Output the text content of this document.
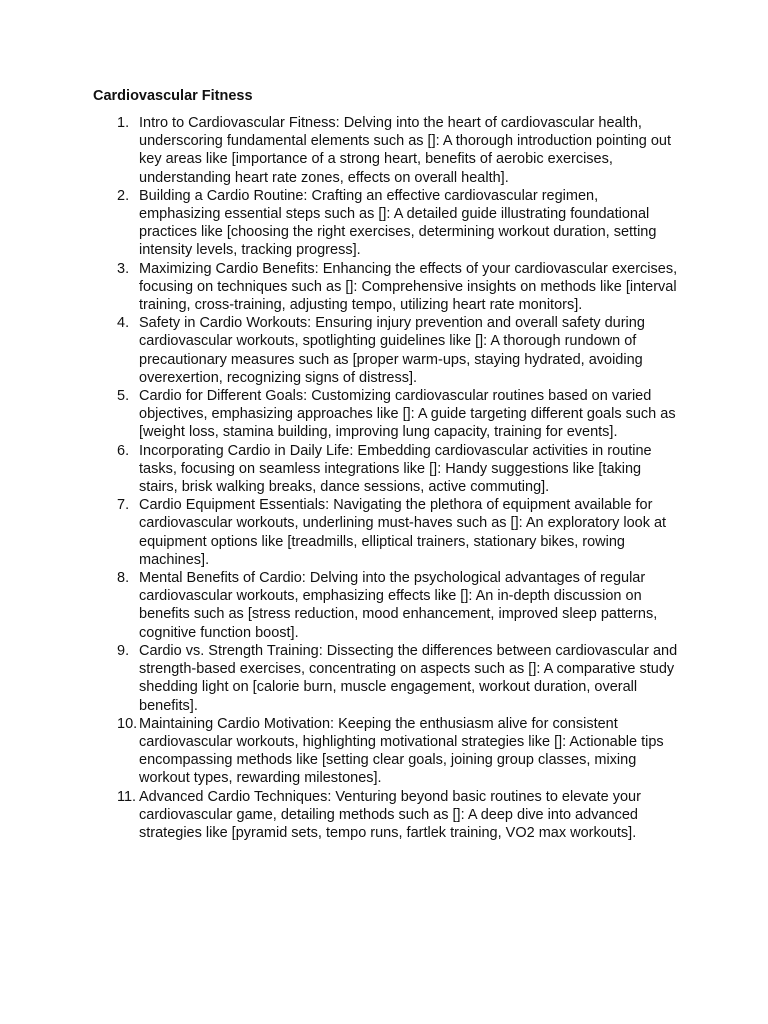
Cardiovascular Fitness
1. Intro to Cardiovascular Fitness: Delving into the heart of cardiovascular health, underscoring fundamental elements such as []: A thorough introduction pointing out key areas like [importance of a strong heart, benefits of aerobic exercises, understanding heart rate zones, effects on overall health].
2. Building a Cardio Routine: Crafting an effective cardiovascular regimen, emphasizing essential steps such as []: A detailed guide illustrating foundational practices like [choosing the right exercises, determining workout duration, setting intensity levels, tracking progress].
3. Maximizing Cardio Benefits: Enhancing the effects of your cardiovascular exercises, focusing on techniques such as []: Comprehensive insights on methods like [interval training, cross-training, adjusting tempo, utilizing heart rate monitors].
4. Safety in Cardio Workouts: Ensuring injury prevention and overall safety during cardiovascular workouts, spotlighting guidelines like []: A thorough rundown of precautionary measures such as [proper warm-ups, staying hydrated, avoiding overexertion, recognizing signs of distress].
5. Cardio for Different Goals: Customizing cardiovascular routines based on varied objectives, emphasizing approaches like []: A guide targeting different goals such as [weight loss, stamina building, improving lung capacity, training for events].
6. Incorporating Cardio in Daily Life: Embedding cardiovascular activities in routine tasks, focusing on seamless integrations like []: Handy suggestions like [taking stairs, brisk walking breaks, dance sessions, active commuting].
7. Cardio Equipment Essentials: Navigating the plethora of equipment available for cardiovascular workouts, underlining must-haves such as []: An exploratory look at equipment options like [treadmills, elliptical trainers, stationary bikes, rowing machines].
8. Mental Benefits of Cardio: Delving into the psychological advantages of regular cardiovascular workouts, emphasizing effects like []: An in-depth discussion on benefits such as [stress reduction, mood enhancement, improved sleep patterns, cognitive function boost].
9. Cardio vs. Strength Training: Dissecting the differences between cardiovascular and strength-based exercises, concentrating on aspects such as []: A comparative study shedding light on [calorie burn, muscle engagement, workout duration, overall benefits].
10. Maintaining Cardio Motivation: Keeping the enthusiasm alive for consistent cardiovascular workouts, highlighting motivational strategies like []: Actionable tips encompassing methods like [setting clear goals, joining group classes, mixing workout types, rewarding milestones].
11. Advanced Cardio Techniques: Venturing beyond basic routines to elevate your cardiovascular game, detailing methods such as []: A deep dive into advanced strategies like [pyramid sets, tempo runs, fartlek training, VO2 max workouts].
